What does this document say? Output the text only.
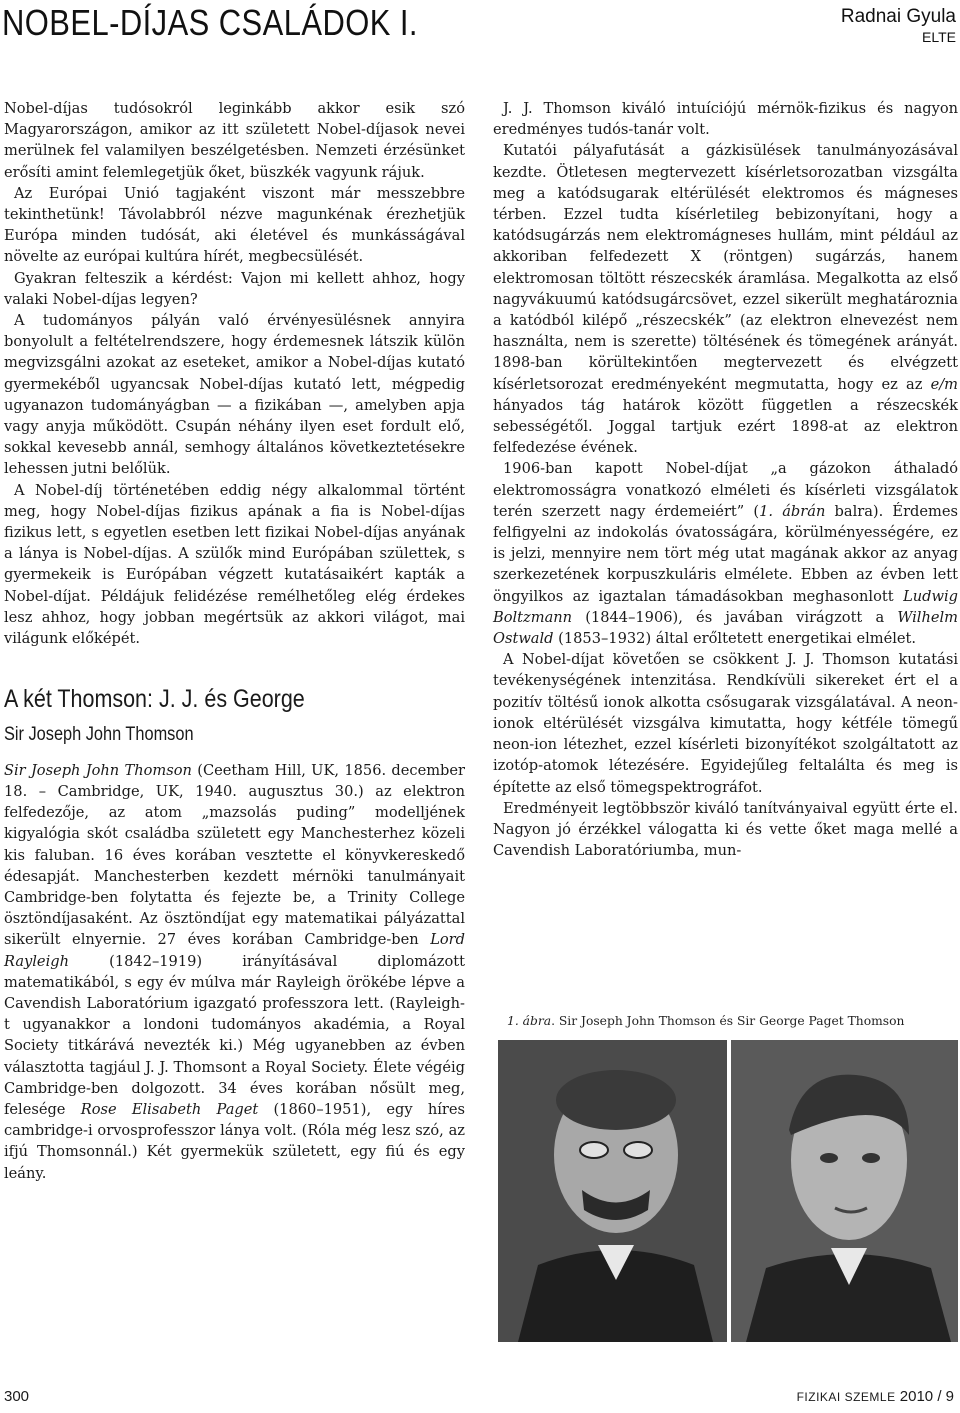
NOBEL-DÍJAS CSALÁDOK I.	Radnai Gyula
ELTE

Nobel-díjas tudósokról leginkább akkor esik szó Magyarországon, amikor az itt született Nobel-díjasok nevei merülnek fel valamilyen beszélgetésben. Nemzeti érzésünket erősíti amint felemlegetjük őket, büszkék vagyunk rájuk.

Az Európai Unió tagjaként viszont már messzebbre tekinthetünk! Távolabbról nézve magunkénak érezhetjük Európa minden tudósát, aki életével és munkásságával növelte az európai kultúra hírét, megbecsülését.

Gyakran felteszik a kérdést: Vajon mi kellett ahhoz, hogy valaki Nobel-díjas legyen?

A tudományos pályán való érvényesülésnek annyira bonyolult a feltételrendszere, hogy érdemesnek látszik külön megvizsgálni azokat az eseteket, amikor a Nobel-díjas kutató gyermekéből ugyancsak Nobel-díjas kutató lett, mégpedig ugyanazon tudományágban — a fizikában —, amelyben apja vagy anyja működött. Csupán néhány ilyen eset fordult elő, sokkal kevesebb annál, semhogy általános következtetésekre lehessen jutni belőlük.

A Nobel-díj történetében eddig négy alkalommal történt meg, hogy Nobel-díjas fizikus apának a fia is Nobel-díjas fizikus lett, s egyetlen esetben lett fizikai Nobel-díjas anyának a lánya is Nobel-díjas. A szülők mind Európában születtek, s gyermekeik is Európában végzett kutatásaikért kapták a Nobel-díjat. Példájuk felidézése remélhetőleg elég érdekes lesz ahhoz, hogy jobban megértsük az akkori világot, mai világunk előképét.

A két Thomson: J. J. és George
Sir Joseph John Thomson

Sir Joseph John Thomson (Ceetham Hill, UK, 1856. december 18. – Cambridge, UK, 1940. augusztus 30.) az elektron felfedezője, az atom „mazsolás puding” modelljének kigyalógia skót családba született egy Manchesterhez közeli kis faluban. 16 éves korában vesztette el könyvkereskedő édesapját. Manchesterben kezdett mérnöki tanulmányait Cambridge-ben folytatta és fejezte be, a Trinity College ösztöndíjasaként. Az ösztöndíjat egy matematikai pályázattal sikerült elnyernie. 27 éves korában Cambridge-ben Lord Rayleigh (1842–1919) irányításával diplomázott matematikából, s egy év múlva már Rayleigh örökébe lépve a Cavendish Laboratórium igazgató professzora lett. (Rayleigh-t ugyanakkor a londoni tudományos akadémia, a Royal Society titkárává nevezték ki.) Még ugyanebben az évben választotta tagjául J. J. Thomsont a Royal Society. Élete végéig Cambridge-ben dolgozott. 34 éves korában nősült meg, felesége Rose Elisabeth Paget (1860–1951), egy híres cambridge-i orvosprofesszor lánya volt. (Róla még lesz szó, az ifjú Thomsonnál.) Két gyermekük született, egy fiú és egy leány.

J. J. Thomson kiváló intuíciójú mérnök-fizikus és nagyon eredményes tudós-tanár volt.

Kutatói pályafutását a gázkisülések tanulmányozásával kezdte. Ötletesen megtervezett kísérletsorozatban vizsgálta meg a katódsugarak eltérülését elektromos és mágneses térben. Ezzel tudta kísérletileg bebizonyítani, hogy a katódsugárzás nem elektromágneses hullám, mint például az akkoriban felfedezett X (röntgen) sugárzás, hanem elektromosan töltött részecskék áramlása. Megalkotta az első nagyvákuumú katódsugárcsövet, ezzel sikerült meghatároznia a katódból kilépő „részecskék” (az elektron elnevezést nem használta, nem is szerette) töltésének és tömegének arányát. 1898-ban körültekintően megtervezett és elvégzett kísérletsorozat eredményeként megmutatta, hogy ez az e/m hányados tág határok között független a részecskék sebességétől. Joggal tartjuk ezért 1898-at az elektron felfedezése évének.

1906-ban kapott Nobel-díjat „a gázokon áthaladó elektromosságra vonatkozó elméleti és kísérleti vizsgálatok terén szerzett nagy érdemeiért” (1. ábrán balra). Érdemes felfigyelni az indokolás óvatosságára, körülményességére, ez is jelzi, mennyire nem tört még utat magának akkor az anyag szerkezetének korpuszkuláris elmélete. Ebben az évben lett öngyilkos az igaztalan támadásokban meghasonlott Ludwig Boltzmann (1844–1906), és javában virágzott a Wilhelm Ostwald (1853–1932) által erőltetett energetikai elmélet.

A Nobel-díjat követően se csökkent J. J. Thomson kutatási tevékenységének intenzitása. Rendkívüli sikereket ért el a pozitív töltésű ionok alkotta csősugarak vizsgálatával. A neon-ionok eltérülését vizsgálva kimutatta, hogy kétféle tömegű neon-ion létezhet, ezzel kísérleti bizonyítékot szolgáltatott az izotóp-atomok létezésére. Egyidejűleg feltalálta és meg is építette az első tömegspektrográfot.

Eredményeit legtöbbször kiváló tanítványaival együtt érte el. Nagyon jó érzékkel válogatta ki és vette őket maga mellé a Cavendish Laboratóriumba, mun-

1. ábra. Sir Joseph John Thomson és Sir George Paget Thomson
300	FIZIKAI SZEMLE 2010 / 9
